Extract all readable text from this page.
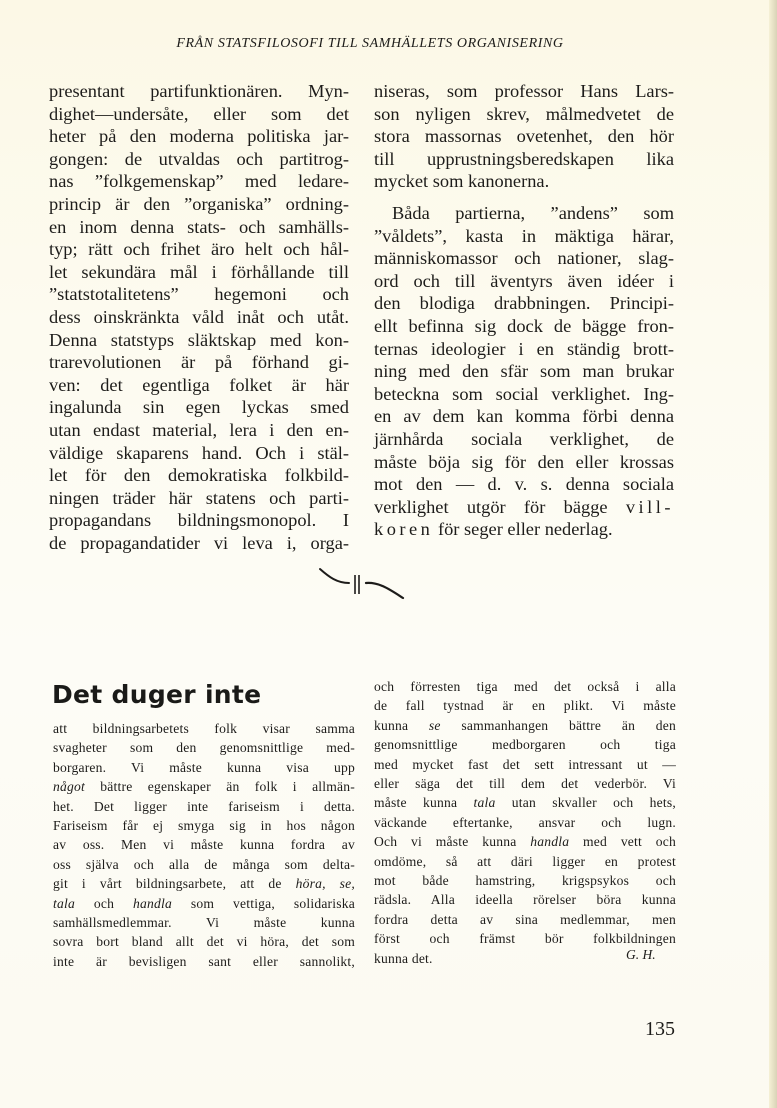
FRÅN STATSFILOSOFI TILL SAMHÄLLETS ORGANISERING
presentant partifunktionären. Myn-
dighet—undersåte, eller som det
heter på den moderna politiska jar-
gongen: de utvaldas och partitrog-
nas ”folkgemenskap” med ledare-
princip är den ”organiska” ordning-
en inom denna stats- och samhälls-
typ; rätt och frihet äro helt och hål-
let sekundära mål i förhållande till
”statstotalitetens” hegemoni och
dess oinskränkta våld inåt och utåt.
Denna statstyps släktskap med kon-
trarevolutionen är på förhand gi-
ven: det egentliga folket är här
ingalunda sin egen lyckas smed
utan endast material, lera i den en-
väldige skaparens hand. Och i stäl-
let för den demokratiska folkbild-
ningen träder här statens och parti-
propagandans bildningsmonopol. I
de propagandatider vi leva i, orga-
niseras, som professor Hans Lars-
son nyligen skrev, målmedvetet de
stora massornas ovetenhet, den hör
till upprustningsberedskapen lika
mycket som kanonerna.
Båda partierna, ”andens” som
”våldets”, kasta in mäktiga härar,
människomassor och nationer, slag-
ord och till äventyrs även idéer i
den blodiga drabbningen. Principi-
ellt befinna sig dock de bägge fron-
ternas ideologier i en ständig brott-
ning med den sfär som man brukar
beteckna som social verklighet. Ing-
en av dem kan komma förbi denna
järnhårda sociala verklighet, de
måste böja sig för den eller krossas
mot den — d. v. s. denna sociala
verklighet utgör för bägge vill-
koren för seger eller nederlag.
Det duger inte
att bildningsarbetets folk visar samma
svagheter som den genomsnittlige med-
borgaren. Vi måste kunna visa upp
något bättre egenskaper än folk i allmän-
het. Det ligger inte fariseism i detta.
Fariseism får ej smyga sig in hos någon
av oss. Men vi måste kunna fordra av
oss själva och alla de många som delta-
git i vårt bildningsarbete, att de höra, se,
tala och handla som vettiga, solidariska
samhällsmedlemmar. Vi måste kunna
sovra bort bland allt det vi höra, det som
inte är bevisligen sant eller sannolikt,
och förresten tiga med det också i alla
de fall tystnad är en plikt. Vi måste
kunna se sammanhangen bättre än den
genomsnittlige medborgaren och tiga
med mycket fast det sett intressant ut —
eller säga det till dem det vederbör. Vi
måste kunna tala utan skvaller och hets,
väckande eftertanke, ansvar och lugn.
Och vi måste kunna handla med vett och
omdöme, så att däri ligger en protest
mot både hamstring, krigspsykos och
rädsla. Alla ideella rörelser böra kunna
fordra detta av sina medlemmar, men
först och främst bör folkbildningen
kunna det.	G. H.
135
